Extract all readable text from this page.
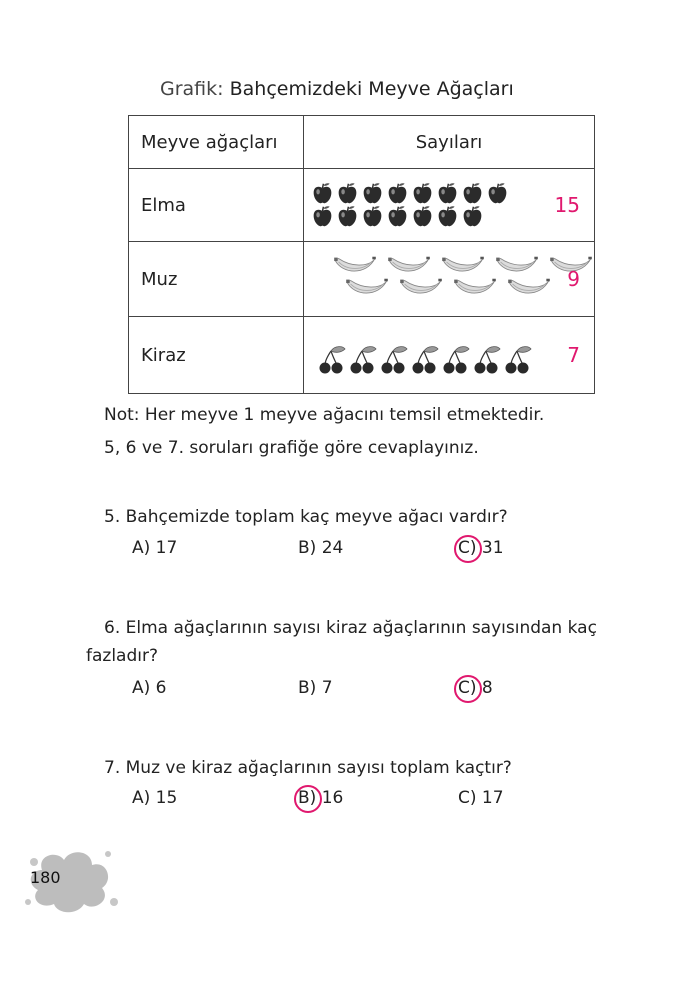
Grafik: Bahçemizdeki Meyve Ağaçları
Meyve ağaçları	Sayıları
Elma	15

Muz	9

Kiraz	7
Not: Her meyve 1 meyve ağacını temsil etmektedir.
5, 6 ve 7. soruları grafiğe göre cevaplayınız.
5. Bahçemizde toplam kaç meyve ağacı vardır?
A) 17	B) 24	C) 31
6. Elma ağaçlarının sayısı kiraz ağaçlarının sayısından kaç
fazladır?
A) 6	B) 7	C) 8
7. Muz ve kiraz ağaçlarının sayısı toplam kaçtır?
A) 15	B) 16	C) 17
180
